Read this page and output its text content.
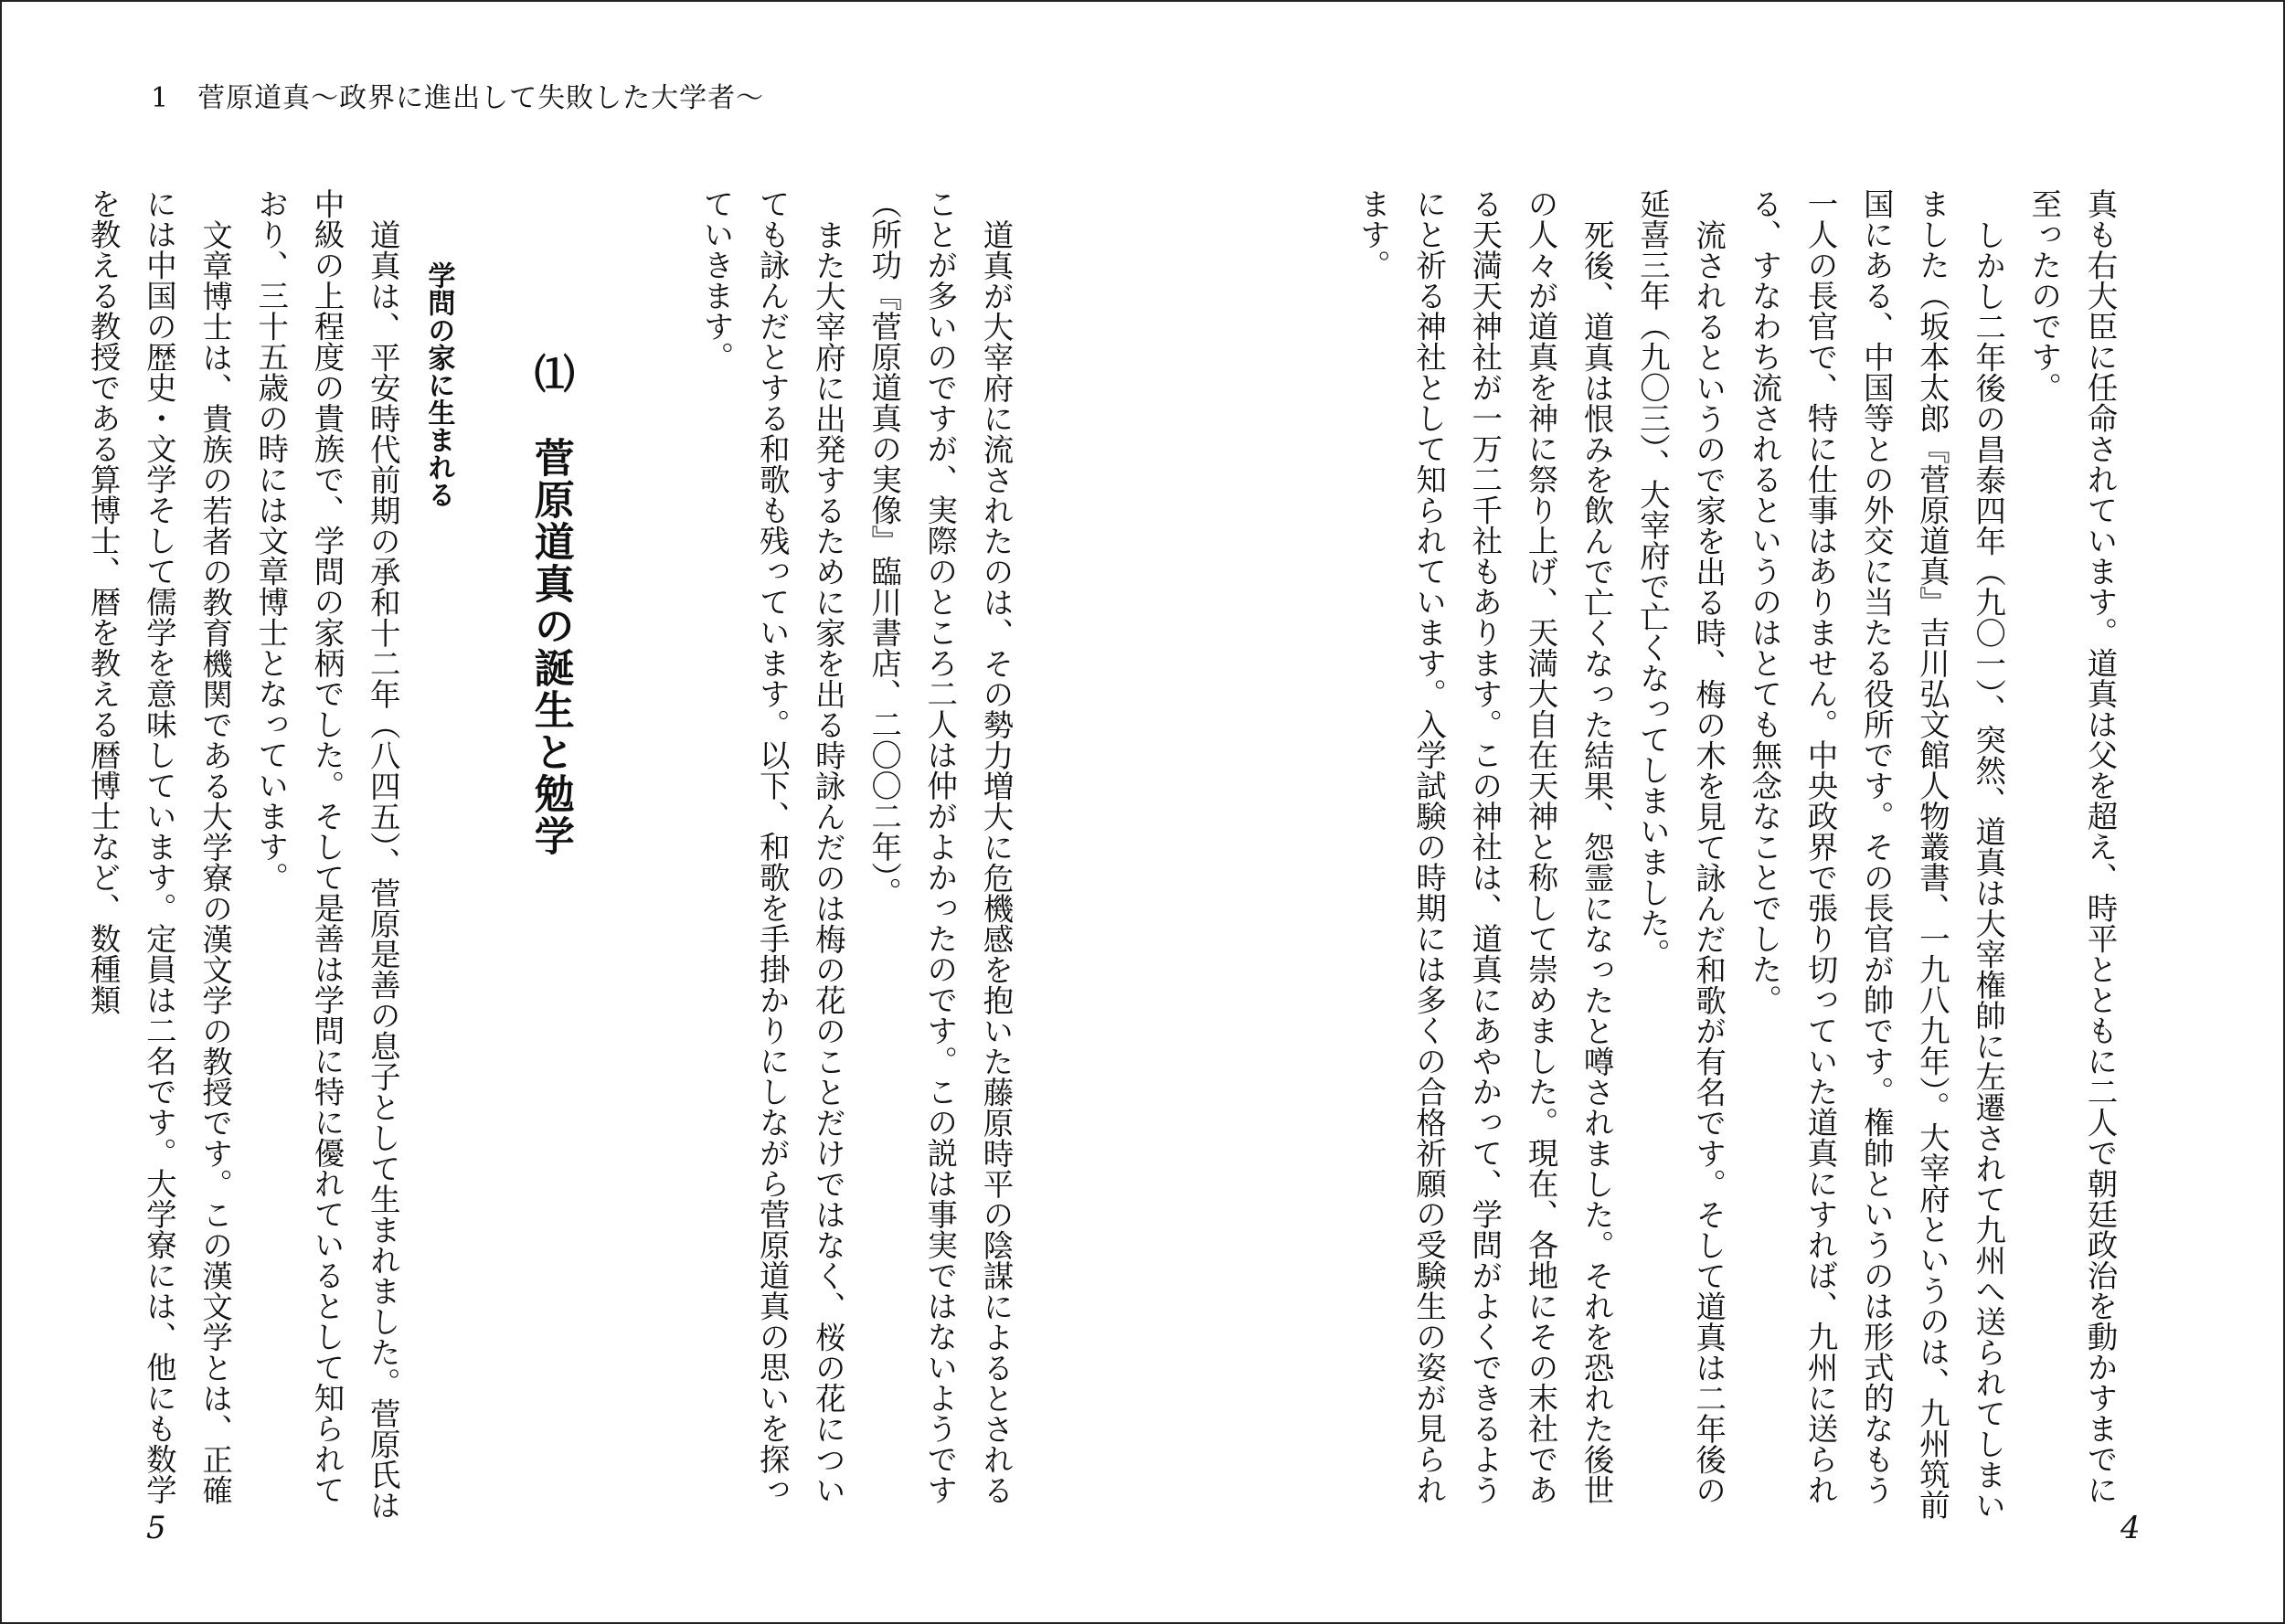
1　菅原道真〜政界に進出して失敗した大学者〜

真も右大臣に任命されています。道真は父を超え、時平とともに二人で朝廷政治を動かすまでに至ったのです。

しかし二年後の昌泰四年（九〇一）、突然、道真は大宰権帥に左遷されて九州へ送られてしまいました（坂本太郎『菅原道真』吉川弘文館人物叢書、一九八九年）。大宰府というのは、九州筑前国にある、中国等との外交に当たる役所です。その長官が帥です。権帥というのは形式的なもう一人の長官で、特に仕事はありません。中央政界で張り切っていた道真にすれば、九州に送られる、すなわち流されるというのはとても無念なことでした。

流されるというので家を出る時、梅の木を見て詠んだ和歌が有名です。そして道真は二年後の延喜三年（九〇三）、大宰府で亡くなってしまいました。

死後、道真は恨みを飲んで亡くなった結果、怨霊になったと噂されました。それを恐れた後世の人々が道真を神に祭り上げ、天満大自在天神と称して崇めました。現在、各地にその末社である天満天神社が一万二千社もあります。この神社は、道真にあやかって、学問がよくできるようにと祈る神社として知られています。入学試験の時期には多くの合格祈願の受験生の姿が見られます。

道真が大宰府に流されたのは、その勢力増大に危機感を抱いた藤原時平の陰謀によるとされることが多いのですが、実際のところ二人は仲がよかったのです。この説は事実ではないようです（所功『菅原道真の実像』臨川書店、二〇〇二年）。

また大宰府に出発するために家を出る時詠んだのは梅の花のことだけではなく、桜の花についても詠んだとする和歌も残っています。以下、和歌を手掛かりにしながら菅原道真の思いを探っていきます。

⑴　菅原道真の誕生と勉学

学問の家に生まれる

道真は、平安時代前期の承和十二年（八四五）、菅原是善の息子として生まれました。菅原氏は中級の上程度の貴族で、学問の家柄でした。そして是善は学問に特に優れているとして知られており、三十五歳の時には文章博士となっています。

文章博士は、貴族の若者の教育機関である大学寮の漢文学の教授です。この漢文学とは、正確には中国の歴史・文学そして儒学を意味しています。定員は二名です。大学寮には、他にも数学を教える教授である算博士、暦を教える暦博士など、数種類

5	4
